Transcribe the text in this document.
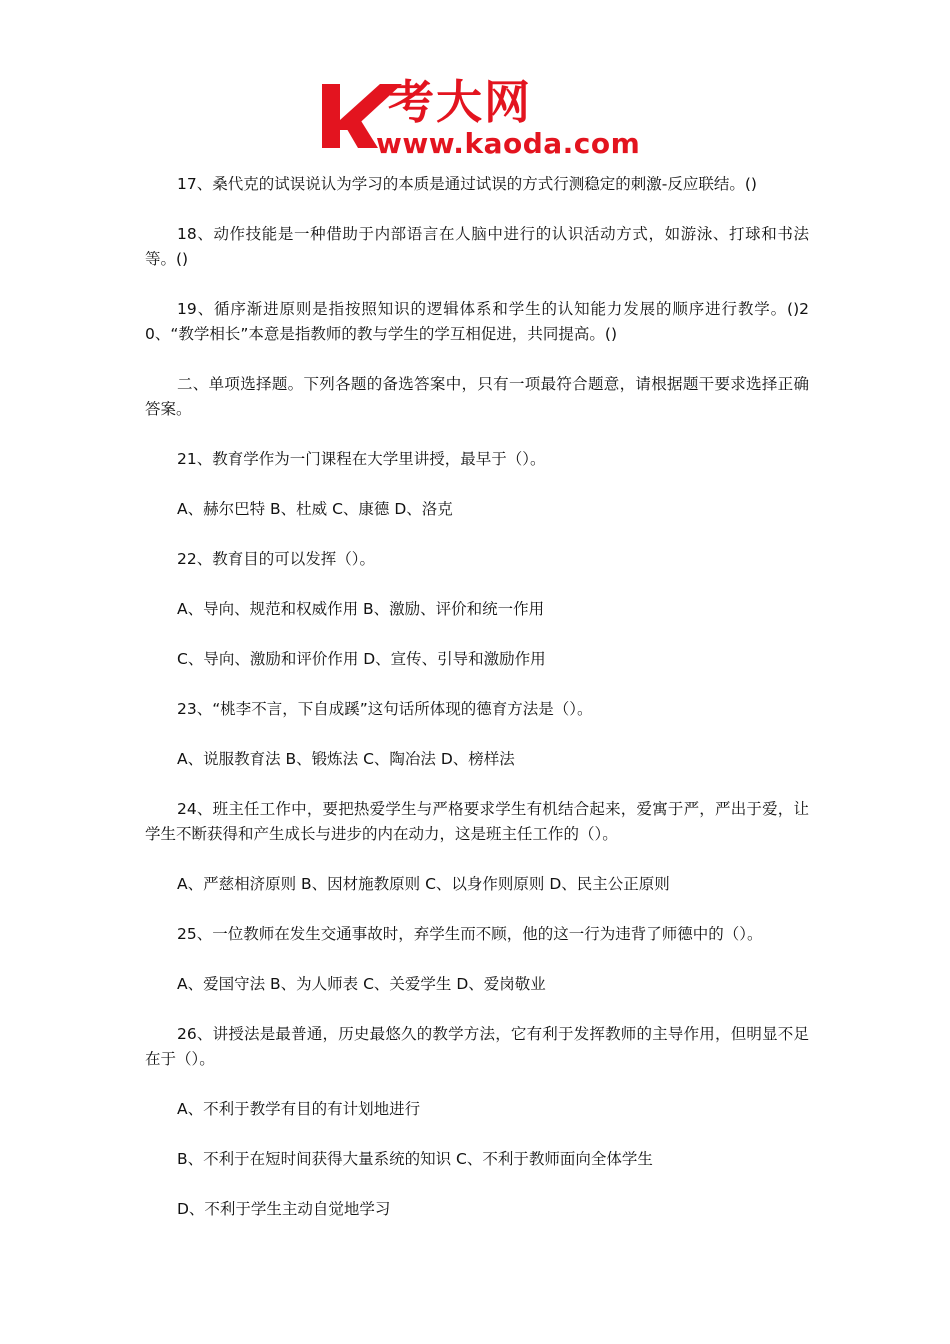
考大网
www.kaoda.com

17、桑代克的试误说认为学习的本质是通过试误的方式行测稳定的刺激-反应联结。()

18、动作技能是一种借助于内部语言在人脑中进行的认识活动方式，如游泳、打球和书法等。()

19、循序渐进原则是指按照知识的逻辑体系和学生的认知能力发展的顺序进行教学。()20、“教学相长”本意是指教师的教与学生的学互相促进，共同提高。()

二、单项选择题。下列各题的备选答案中，只有一项最符合题意，请根据题干要求选择正确答案。

21、教育学作为一门课程在大学里讲授，最早于（）。

A、赫尔巴特 B、杜威 C、康德 D、洛克

22、教育目的可以发挥（）。

A、导向、规范和权威作用 B、激励、评价和统一作用

C、导向、激励和评价作用 D、宣传、引导和激励作用

23、“桃李不言，下自成蹊”这句话所体现的德育方法是（）。

A、说服教育法 B、锻炼法 C、陶冶法 D、榜样法

24、班主任工作中，要把热爱学生与严格要求学生有机结合起来，爱寓于严，严出于爱，让学生不断获得和产生成长与进步的内在动力，这是班主任工作的（）。

A、严慈相济原则 B、因材施教原则 C、以身作则原则 D、民主公正原则

25、一位教师在发生交通事故时，弃学生而不顾，他的这一行为违背了师德中的（）。

A、爱国守法 B、为人师表 C、关爱学生 D、爱岗敬业

26、讲授法是最普通，历史最悠久的教学方法，它有利于发挥教师的主导作用，但明显不足在于（）。

A、不利于教学有目的有计划地进行

B、不利于在短时间获得大量系统的知识 C、不利于教师面向全体学生

D、不利于学生主动自觉地学习
